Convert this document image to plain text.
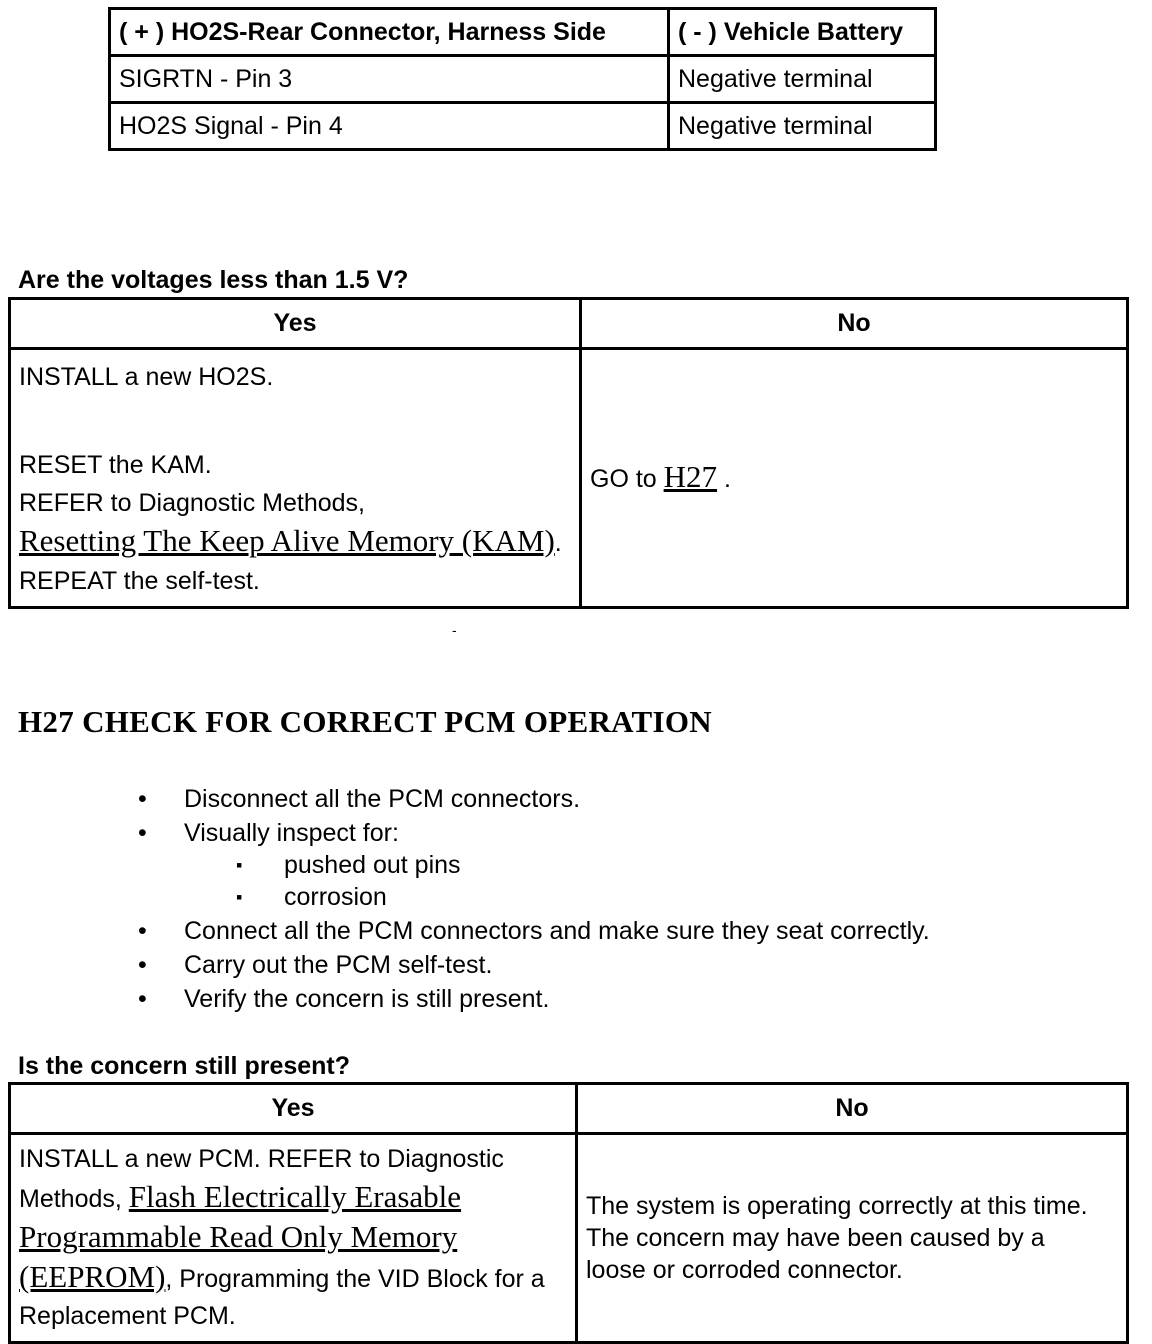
( + ) HO2S-Rear Connector, Harness Side	( - ) Vehicle Battery
SIGRTN - Pin 3	Negative terminal
HO2S Signal - Pin 4	Negative terminal
Are the voltages less than 1.5 V?
Yes	No

INSTALL a new HO2S.
RESET the KAM.
REFER to Diagnostic Methods,
Resetting The Keep Alive Memory (KAM). REPEAT the self-test.	GO to H27 .
-
H27 CHECK FOR CORRECT PCM OPERATION
• Disconnect all the PCM connectors.
• Visually inspect for:
▪ pushed out pins
▪ corrosion
• Connect all the PCM connectors and make sure they seat correctly.
• Carry out the PCM self-test.
• Verify the concern is still present.
Is the concern still present?
Yes	No
INSTALL a new PCM. REFER to Diagnostic Methods, Flash Electrically Erasable Programmable Read Only Memory (EEPROM), Programming the VID Block for a Replacement PCM.	The system is operating correctly at this time. The concern may have been caused by a loose or corroded connector.
